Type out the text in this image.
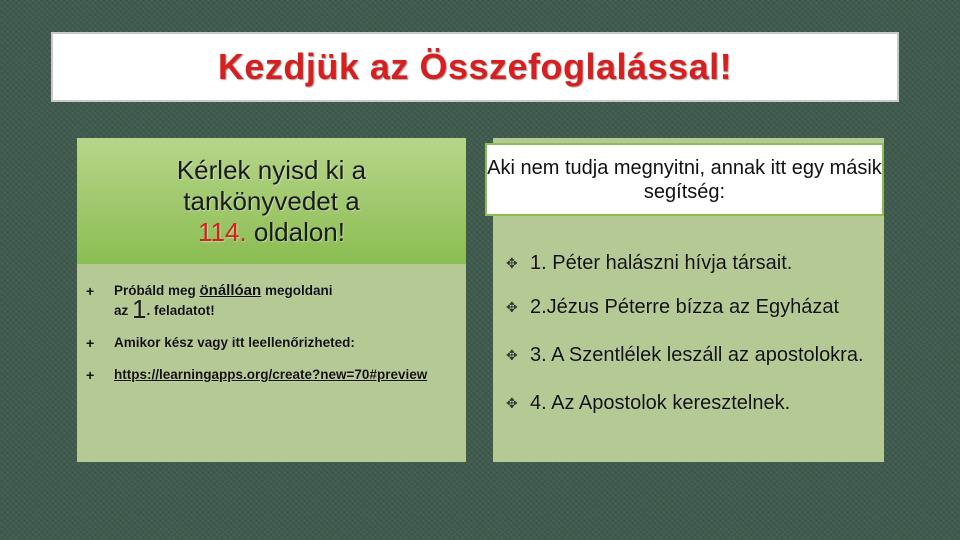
Kezdjük az Összefoglalással!
Kérlek nyisd ki a
tankönyvedet a
114. oldalon!
+	Próbáld meg önállóan megoldani
az 1. feladatot!
+	Amikor kész vagy itt leellenőrizheted:
+	https://learningapps.org/create?new=70#preview
Aki nem tudja megnyitni, annak itt egy másik segítség:
✥ 1. Péter halászni hívja társait.
✥ 2.Jézus Péterre bízza az Egyházat
✥ 3. A Szentlélek leszáll az apostolokra.
✥ 4. Az Apostolok keresztelnek.
